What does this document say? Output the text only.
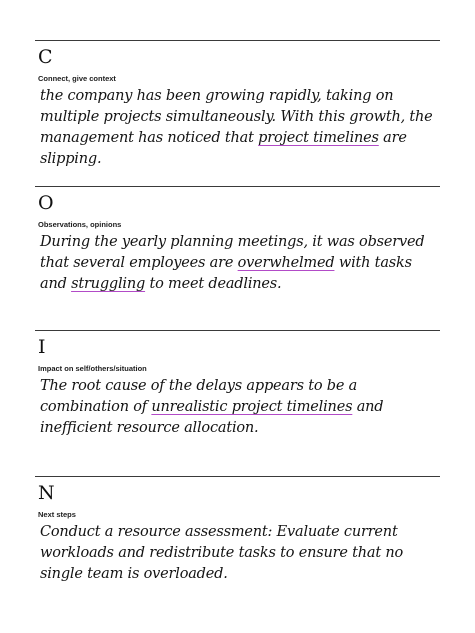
C
Connect, give context
the company has been growing rapidly, taking on multiple projects simultaneously. With this growth, the management has noticed that project timelines are slipping.
O
Observations, opinions
During the yearly planning meetings, it was observed that several employees are overwhelmed with tasks and struggling to meet deadlines.
I
Impact on self/others/situation
The root cause of the delays appears to be a combination of unrealistic project timelines and inefficient resource allocation.
N
Next steps
Conduct a resource assessment: Evaluate current workloads and redistribute tasks to ensure that no single team is overloaded.
